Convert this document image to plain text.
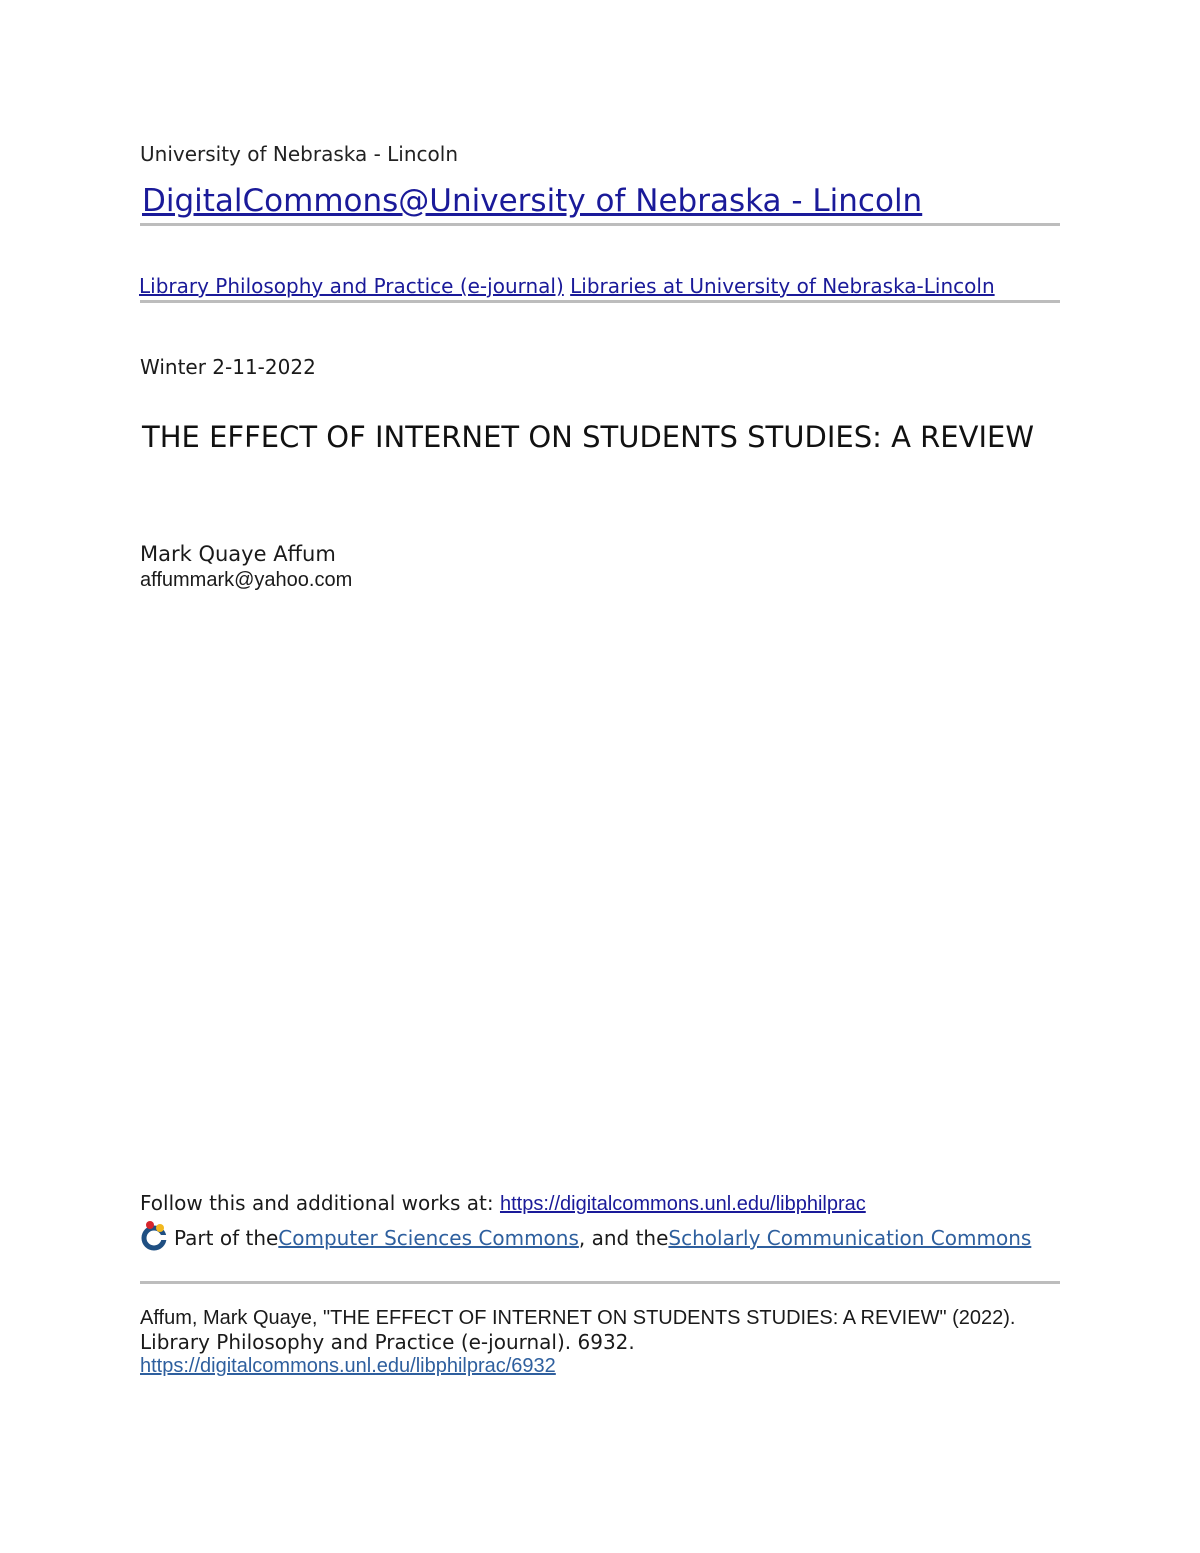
University of Nebraska - Lincoln
DigitalCommons@University of Nebraska - Lincoln
Library Philosophy and Practice (e-journal) Libraries at University of Nebraska-Lincoln
Winter 2-11-2022
THE EFFECT OF INTERNET ON STUDENTS STUDIES: A REVIEW
Mark Quaye Affum
affummark@yahoo.com
Follow this and additional works at: https://digitalcommons.unl.edu/libphilprac
Part of the Computer Sciences Commons , and the Scholarly Communication Commons
Affum, Mark Quaye, "THE EFFECT OF INTERNET ON STUDENTS STUDIES: A REVIEW" (2022).
Library Philosophy and Practice (e-journal). 6932.
https://digitalcommons.unl.edu/libphilprac/6932
